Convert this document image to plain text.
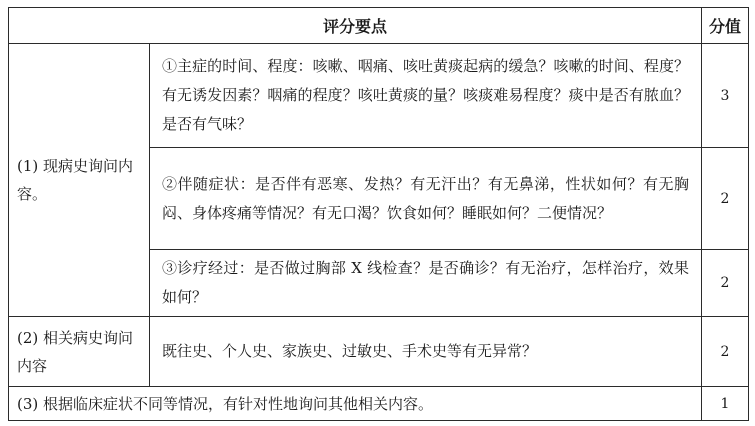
评分要点		分值
(1) 现病史询问内容。	①主症的时间、程度：咳嗽、咽痛、咳吐黄痰起病的缓急？咳嗽的时间、程度？有无诱发因素？咽痛的程度？咳吐黄痰的量？咳痰难易程度？痰中是否有脓血？是否有气味？	3
	②伴随症状：是否伴有恶寒、发热？有无汗出？有无鼻涕，性状如何？有无胸闷、身体疼痛等情况？有无口渴？饮食如何？睡眠如何？二便情况？	2
	③诊疗经过：是否做过胸部 X 线检查？是否确诊？有无治疗，怎样治疗，效果如何？	2
(2) 相关病史询问内容	既往史、个人史、家族史、过敏史、手术史等有无异常？	2
(3) 根据临床症状不同等情况，有针对性地询问其他相关内容。		1
